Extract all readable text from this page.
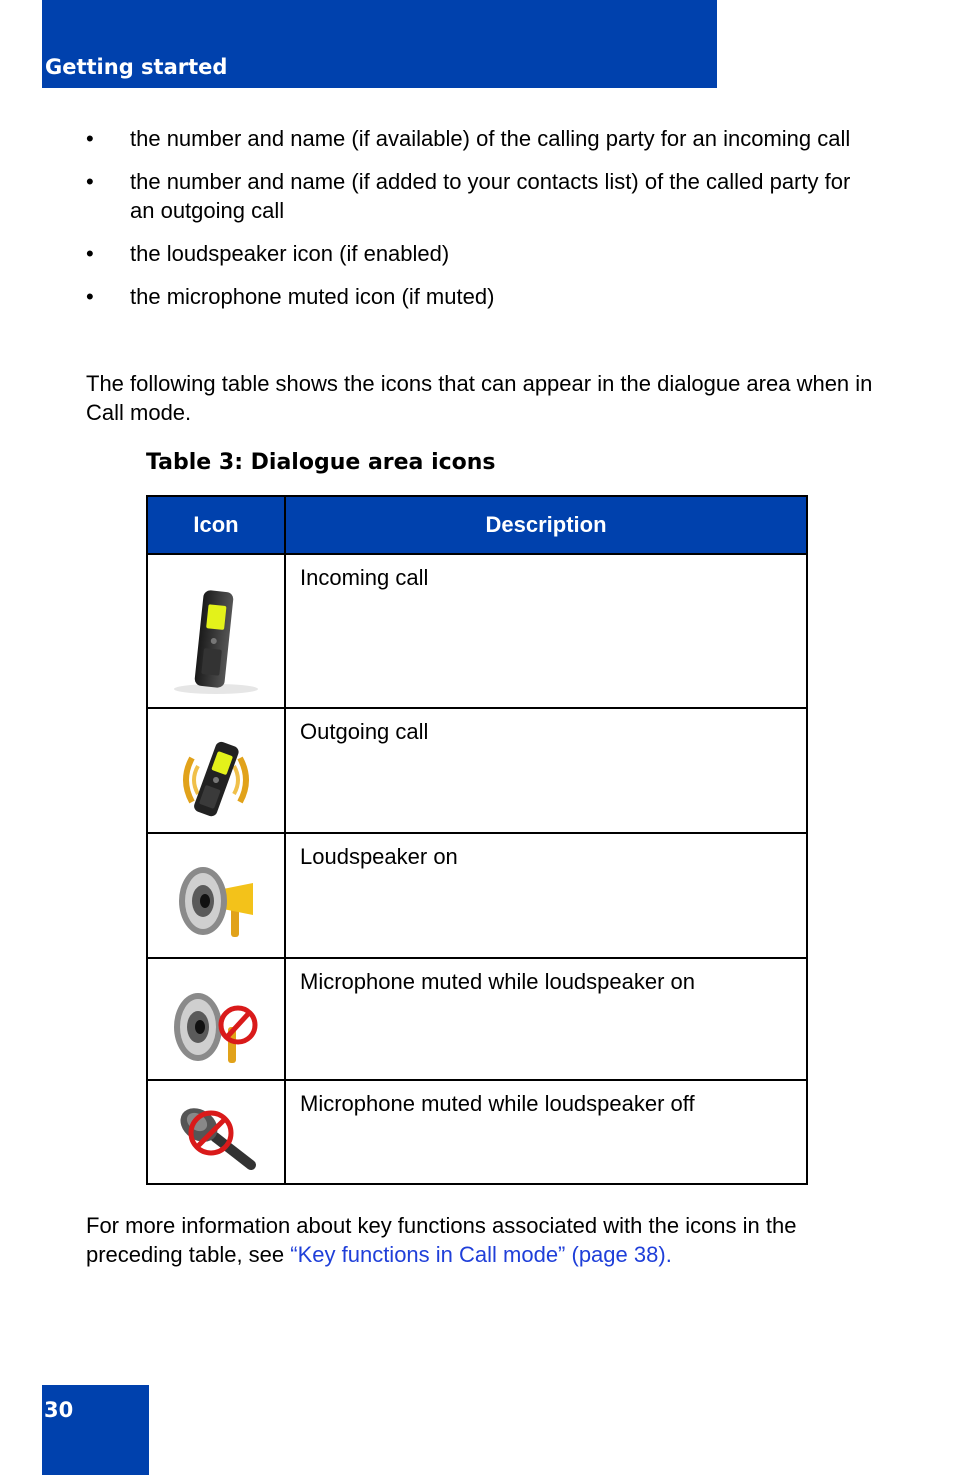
Getting started
• the number and name (if available) of the calling party for an incoming call
• the number and name (if added to your contacts list) of the called party for an outgoing call
• the loudspeaker icon (if enabled)
• the microphone muted icon (if muted)

The following table shows the icons that can appear in the dialogue area when in Call mode.

Table 3: Dialogue area icons

Icon	Description

	Incoming call

	Outgoing call

	Loudspeaker on

	Microphone muted while loudspeaker on

	Microphone muted while loudspeaker off

For more information about key functions associated with the icons in the preceding table, see “Key functions in Call mode” (page 38).

30
